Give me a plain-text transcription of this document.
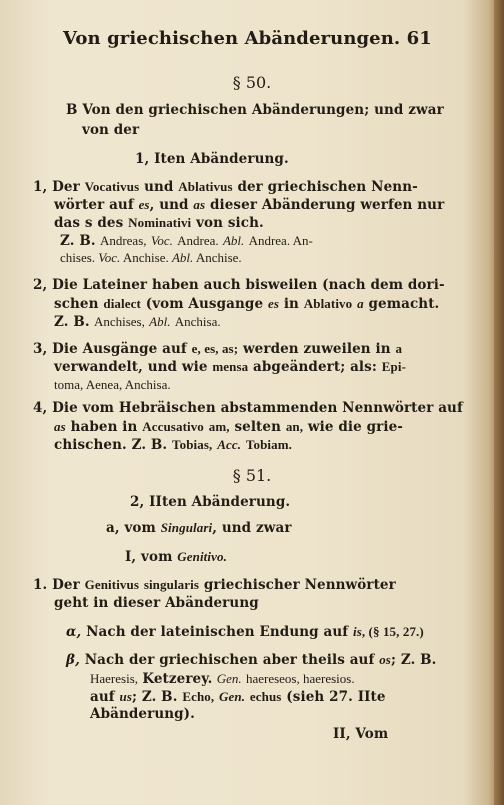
Von griechischen Abänderungen. 61
§ 50.
B Von den griechischen Abänderungen; und zwar
von der
1, Iten Abänderung.
1, Der Vocativus und Ablativus der griechischen Nenn-
wörter auf es, und as dieser Abänderung werfen nur
das s des Nominativi von sich.
Z. B. Andreas, Voc. Andrea. Abl. Andrea. An-
chises. Voc. Anchise. Abl. Anchise.
2, Die Lateiner haben auch bisweilen (nach dem dori-
schen dialect (vom Ausgange es in Ablativo a gemacht.
Z. B. Anchises, Abl. Anchisa.
3, Die Ausgänge auf e, es, as; werden zuweilen in a
verwandelt, und wie mensa abgeändert; als: Epi-
toma, Aenea, Anchisa.
4, Die vom Hebräischen abstammenden Nennwörter auf
as haben in Accusativo am, selten an, wie die grie-
chischen. Z. B. Tobias, Acc. Tobiam.
§ 51.
2, IIten Abänderung.
a, vom Singulari, und zwar
I, vom Genitivo.
1. Der Genitivus singularis griechischer Nennwörter
geht in dieser Abänderung
α, Nach der lateinischen Endung auf is, (§ 15, 27.)
β, Nach der griechischen aber theils auf os; Z. B.
Haeresis, Ketzerey. Gen. haereseos, haeresios.
auf us; Z. B. Echo, Gen. echus (sieh 27. IIte
Abänderung).
II, Vom
